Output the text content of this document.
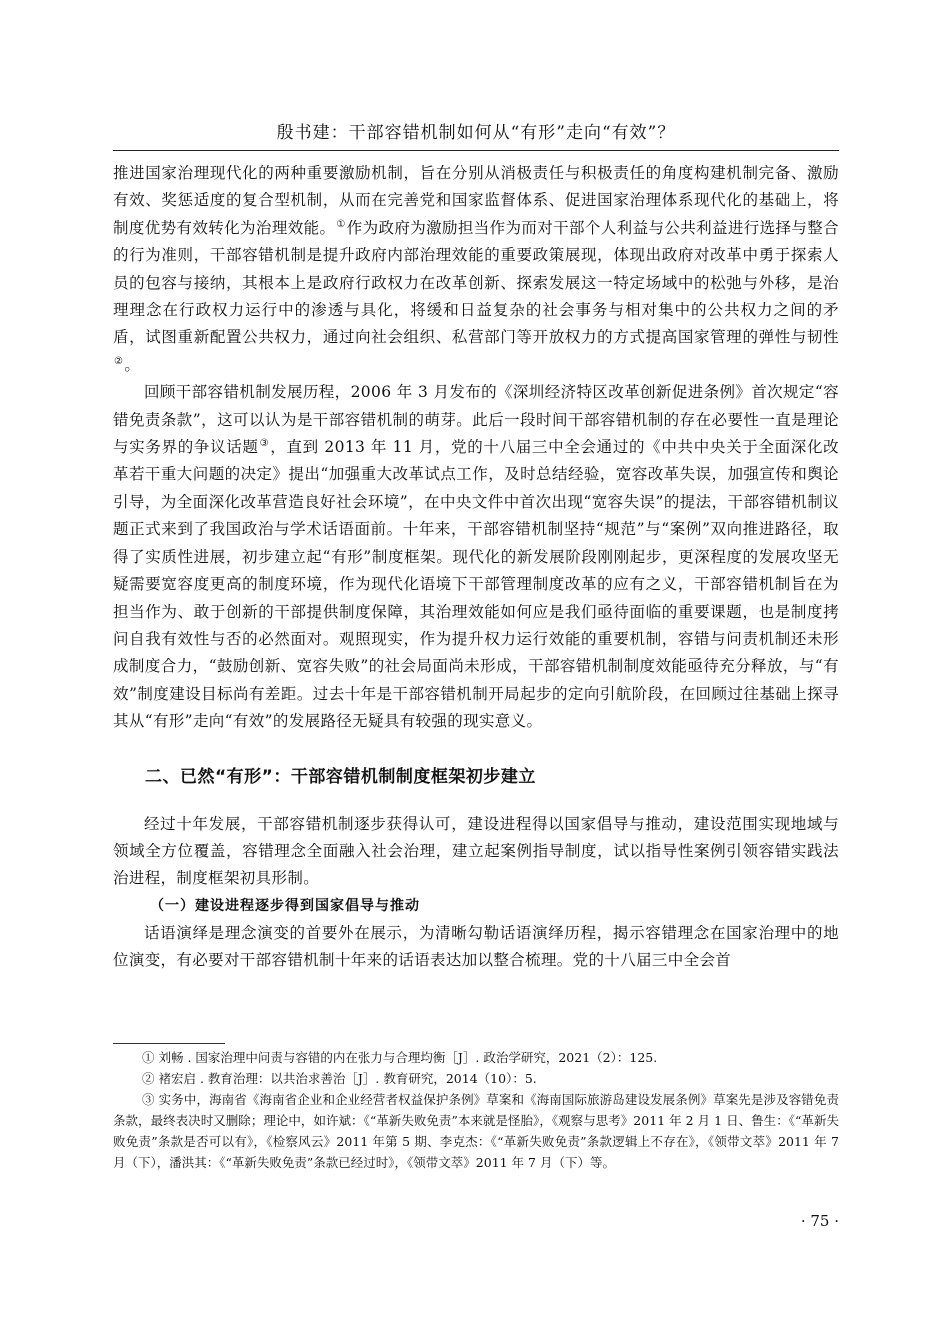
殷书建：干部容错机制如何从“有形”走向“有效”？

推进国家治理现代化的两种重要激励机制，旨在分别从消极责任与积极责任的角度构建机制完备、激励有效、奖惩适度的复合型机制，从而在完善党和国家监督体系、促进国家治理体系现代化的基础上，将制度优势有效转化为治理效能。①作为政府为激励担当作为而对干部个人利益与公共利益进行选择与整合的行为准则，干部容错机制是提升政府内部治理效能的重要政策展现，体现出政府对改革中勇于探索人员的包容与接纳，其根本上是政府行政权力在改革创新、探索发展这一特定场域中的松弛与外移，是治理理念在行政权力运行中的渗透与具化，将缓和日益复杂的社会事务与相对集中的公共权力之间的矛盾，试图重新配置公共权力，通过向社会组织、私营部门等开放权力的方式提高国家管理的弹性与韧性②。

回顾干部容错机制发展历程，2006 年 3 月发布的《深圳经济特区改革创新促进条例》首次规定“容错免责条款”，这可以认为是干部容错机制的萌芽。此后一段时间干部容错机制的存在必要性一直是理论与实务界的争议话题③，直到 2013 年 11 月，党的十八届三中全会通过的《中共中央关于全面深化改革若干重大问题的决定》提出“加强重大改革试点工作，及时总结经验，宽容改革失误，加强宣传和舆论引导，为全面深化改革营造良好社会环境”，在中央文件中首次出现“宽容失误”的提法，干部容错机制议题正式来到了我国政治与学术话语面前。十年来，干部容错机制坚持“规范”与“案例”双向推进路径，取得了实质性进展，初步建立起“有形”制度框架。现代化的新发展阶段刚刚起步，更深程度的发展攻坚无疑需要宽容度更高的制度环境，作为现代化语境下干部管理制度改革的应有之义，干部容错机制旨在为担当作为、敢于创新的干部提供制度保障，其治理效能如何应是我们亟待面临的重要课题，也是制度拷问自我有效性与否的必然面对。观照现实，作为提升权力运行效能的重要机制，容错与问责机制还未形成制度合力，“鼓励创新、宽容失败”的社会局面尚未形成，干部容错机制制度效能亟待充分释放，与“有效”制度建设目标尚有差距。过去十年是干部容错机制开局起步的定向引航阶段，在回顾过往基础上探寻其从“有形”走向“有效”的发展路径无疑具有较强的现实意义。

二、已然“有形”：干部容错机制制度框架初步建立

经过十年发展，干部容错机制逐步获得认可，建设进程得以国家倡导与推动，建设范围实现地域与领域全方位覆盖，容错理念全面融入社会治理，建立起案例指导制度，试以指导性案例引领容错实践法治进程，制度框架初具形制。

（一）建设进程逐步得到国家倡导与推动

话语演绎是理念演变的首要外在展示，为清晰勾勒话语演绎历程，揭示容错理念在国家治理中的地位演变，有必要对干部容错机制十年来的话语表达加以整合梳理。党的十八届三中全会首

① 刘畅 . 国家治理中问责与容错的内在张力与合理均衡［J］. 政治学研究，2021（2）：125.

② 褚宏启 . 教育治理：以共治求善治［J］. 教育研究，2014（10）：5.

③ 实务中，海南省《海南省企业和企业经营者权益保护条例》草案和《海南国际旅游岛建设发展条例》草案先是涉及容错免责条款，最终表决时又删除；理论中，如许斌：《“革新失败免责”本来就是怪胎》，《观察与思考》2011 年 2 月 1 日、鲁生：《“革新失败免责”条款是否可以有》，《检察风云》2011 年第 5 期、李克杰：《“革新失败免责”条款逻辑上不存在》，《领带文萃》2011 年 7 月（下），潘洪其：《“革新失败免责”条款已经过时》，《领带文萃》2011 年 7 月（下）等。

· 75 ·
